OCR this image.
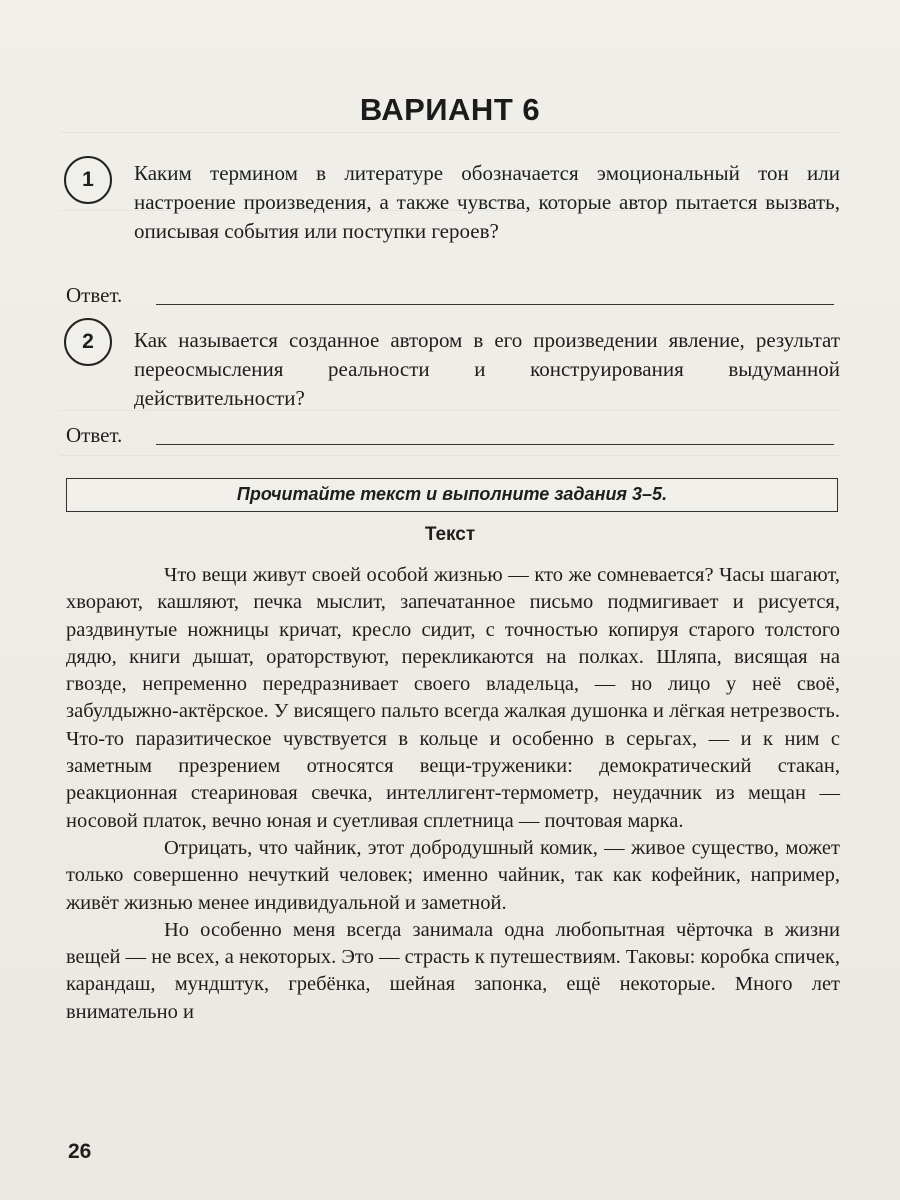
ВАРИАНТ 6
1	Каким термином в литературе обозначается эмоциональный тон или настроение произведения, а также чувства, которые автор пытается вызвать, описывая события или поступки героев?
Ответ.
2	Как называется созданное автором в его произведении явление, результат переосмысления реальности и конструирования выдуманной действительности?
Ответ.
Прочитайте текст и выполните задания 3–5.
Текст

Что вещи живут своей особой жизнью — кто же сомневается? Часы шагают, хворают, кашляют, печка мыслит, запечатанное письмо подмигивает и рисуется, раздвинутые ножницы кричат, кресло сидит, с точностью копируя старого толстого дядю, книги дышат, ораторствуют, перекликаются на полках. Шляпа, висящая на гвозде, непременно передразнивает своего владельца, — но лицо у неё своё, забулдыжно-актёрское. У висящего пальто всегда жалкая душонка и лёгкая нетрезвость. Что-то паразитическое чувствуется в кольце и особенно в серьгах, — и к ним с заметным презрением относятся вещи-труженики: демократический стакан, реакционная стеариновая свечка, интеллигент-термометр, неудачник из мещан — носовой платок, вечно юная и суетливая сплетница — почтовая марка.

Отрицать, что чайник, этот добродушный комик, — живое существо, может только совершенно нечуткий человек; именно чайник, так как кофейник, например, живёт жизнью менее индивидуальной и заметной.

Но особенно меня всегда занимала одна любопытная чёрточка в жизни вещей — не всех, а некоторых. Это — страсть к путешествиям. Таковы: коробка спичек, карандаш, мундштук, гребёнка, шейная запонка, ещё некоторые. Много лет внимательно и

26
